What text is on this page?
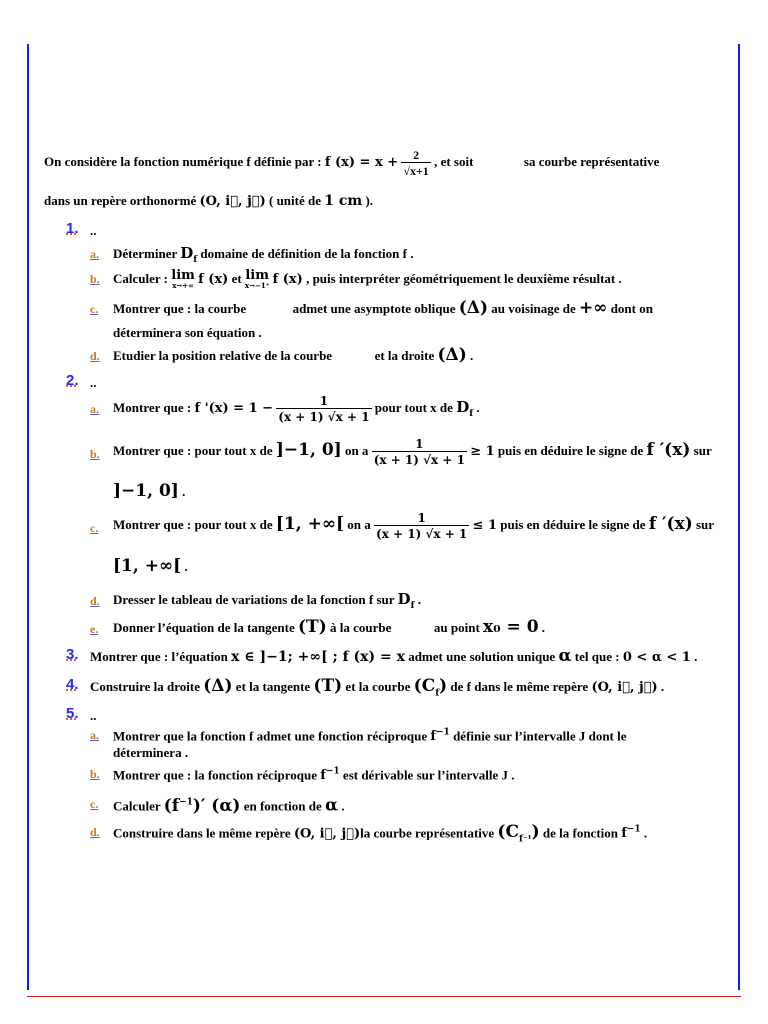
On considère la fonction numérique f définie par : f $(x) = x + \frac{2}{√x+1}$ , et soit	sa courbe représentative
dans un repère orthonormé (O, i⃗, j⃗) ( unité de 1 cm ).
1. ..
a. Déterminer $D_f$ domaine de définition de la fonction f .
b. Calculer : lim
x→+∞ f (x) et lim
x→−1⁺ f (x) , puis interpréter géométriquement le deuxième résultat .
c. Montrer que : la courbe	admet une asymptote oblique (Δ) au voisinage de +∞ dont on
déterminera son équation .
d. Etudier la position relative de la courbe	et la droite (Δ) .
2. ..
a. Montrer que : f '$(x) = 1 - \frac{1}{(x + 1) √x + 1}$ pour tout x de $D_f$ .
b. Montrer que : pour tout x de ]−1, 0] on a $\frac{1}{(x + 1) √x + 1} \ge 1$ puis en déduire le signe de f ′(x) sur
]−1, 0] .
c. Montrer que : pour tout x de [1, +∞[ on a $\frac{1}{(x + 1) √x + 1} \le 1$ puis en déduire le signe de f ′(x) sur
[1, +∞[ .
d. Dresser le tableau de variations de la fonction f sur $D_f$ .
e. Donner l’équation de la tangente (T) à la courbe	au point x₀ = 0 .
3. Montrer que : l’équation x ∈ ]−1; +∞[ ; f (x) = x admet une solution unique α tel que : 0 < α < 1 .
4. Construire la droite (Δ) et la tangente (T) et la courbe $(C_f)$ de f dans le même repère (O, i⃗, j⃗) .
5. ..
a. Montrer que la fonction f admet une fonction réciproque $f^{-1}$ définie sur l’intervalle J dont le
déterminera .
b. Montrer que : la fonction réciproque $f^{-1}$ est dérivable sur l’intervalle J .
c. Calculer $(f^{-1})'$ (α) en fonction de α .
d. Construire dans le même repère (O, i⃗, j⃗)la courbe représentative $(C_{f^{-1}})$ de la fonction $f^{-1}$ .
